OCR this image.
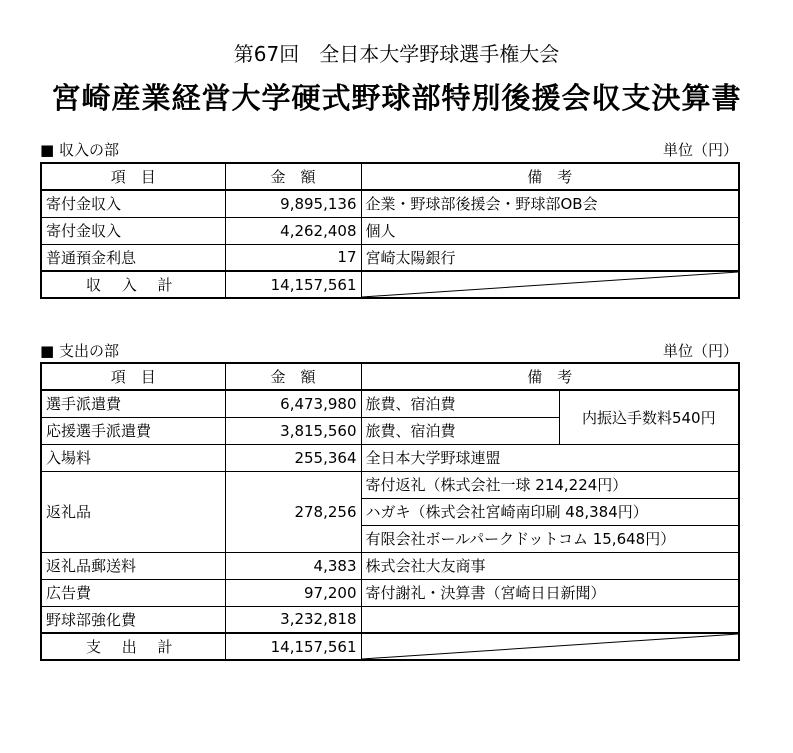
第67回　全日本大学野球選手権大会
宮崎産業経営大学硬式野球部特別後援会収支決算書
■ 収入の部	単位（円）
項　目	金　額	備　考
寄付金収入	9,895,136	企業・野球部後援会・野球部OB会
寄付金収入	4,262,408	個人
普通預金利息	17	宮崎太陽銀行
収 入 計	14,157,561	
■ 支出の部	単位（円）
項　目	金　額	備　考	
選手派遣費	6,473,980	旅費、宿泊費	内振込手数料540円
応援選手派遣費	3,815,560	旅費、宿泊費	
入場料	255,364	全日本大学野球連盟	
返礼品	278,256	寄付返礼（株式会社一球 214,224円）	
		ハガキ（株式会社宮崎南印刷 48,384円）	
		有限会社ボールパークドットコム 15,648円）	
返礼品郵送料	4,383	株式会社大友商事	
広告費	97,200	寄付謝礼・決算書（宮崎日日新聞）	
野球部強化費	3,232,818		
支 出 計	14,157,561	
